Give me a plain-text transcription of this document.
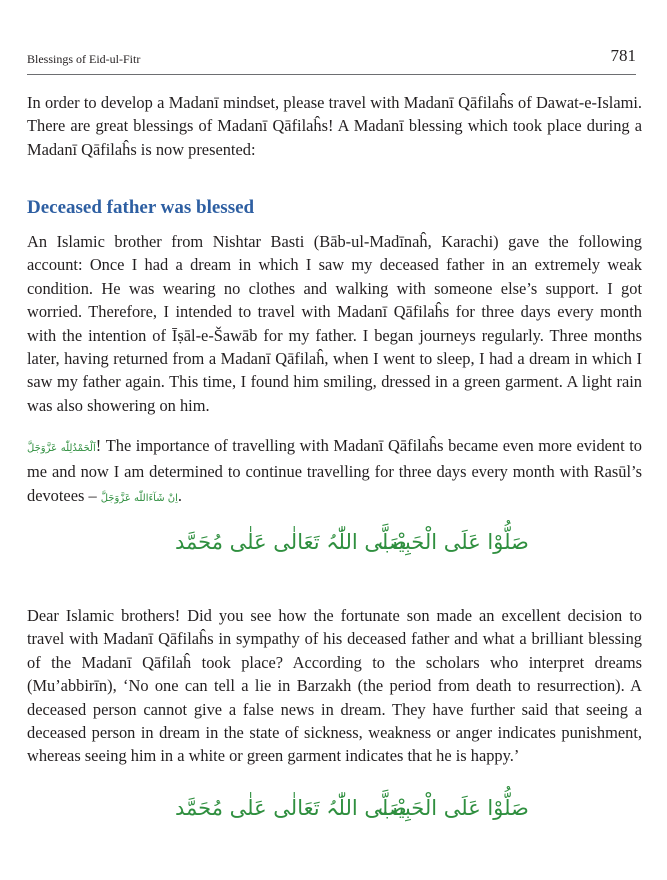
Blessings of Eid-ul-Fitr	781

In order to develop a Madanī mindset, please travel with Madanī Qāfilaĥs of Dawat-e-Islami. There are great blessings of Madanī Qāfilaĥs! A Madanī blessing which took place during a Madanī Qāfilaĥs is now presented:

Deceased father was blessed

An Islamic brother from Nishtar Basti (Bāb-ul-Madīnaĥ, Karachi) gave the following account: Once I had a dream in which I saw my deceased father in an extremely weak condition. He was wearing no clothes and walking with someone else’s support. I got worried. Therefore, I intended to travel with Madanī Qāfilaĥs for three days every month with the intention of Īṣāl-e-Šawāb for my father. I began journeys regularly. Three months later, having returned from a Madanī Qāfilaĥ, when I went to sleep, I had a dream in which I saw my father again. This time, I found him smiling, dressed in a green garment. A light rain was also showering on him.

اَلْحَمْدُلِلّٰه عَزَّوَجَلَّ! The importance of travelling with Madanī Qāfilaĥs became even more evident to me and now I am determined to continue travelling for three days every month with Rasūl’s devotees – اِنْ شَآءَاللّٰه عَزَّوَجَلَّ.

صَلُّوْا عَلَی الْحَبِیْب
صَلَّی اللّٰہُ تَعَالٰی عَلٰی مُحَمَّد

Dear Islamic brothers! Did you see how the fortunate son made an excellent decision to travel with Madanī Qāfilaĥs in sympathy of his deceased father and what a brilliant blessing of the Madanī Qāfilaĥ took place? According to the scholars who interpret dreams (Mu’abbirīn), ‘No one can tell a lie in Barzakh (the period from death to resurrection). A deceased person cannot give a false news in dream. They have further said that seeing a deceased person in dream in the state of sickness, weakness or anger indicates punishment, whereas seeing him in a white or green garment indicates that he is happy.’

صَلُّوْا عَلَی الْحَبِیْب
صَلَّی اللّٰہُ تَعَالٰی عَلٰی مُحَمَّد
